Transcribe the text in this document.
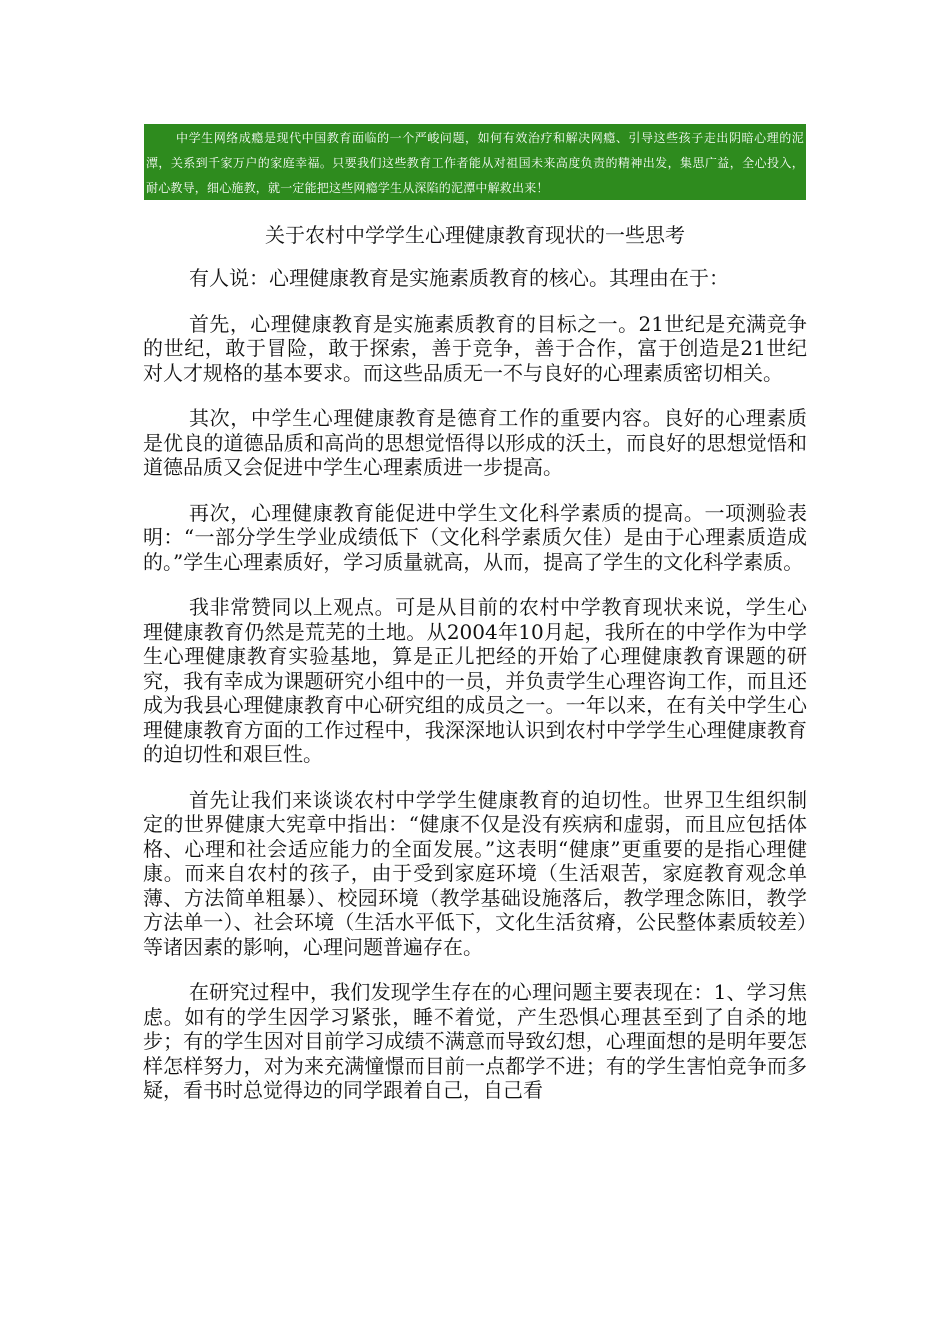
中学生网络成瘾是现代中国教育面临的一个严峻问题，如何有效治疗和解决网瘾、引导这些孩子走出阴暗心理的泥潭，关系到千家万户的家庭幸福。只要我们这些教育工作者能从对祖国未来高度负责的精神出发，集思广益，全心投入，耐心教导，细心施教，就一定能把这些网瘾学生从深陷的泥潭中解救出来！

关于农村中学学生心理健康教育现状的一些思考

有人说：心理健康教育是实施素质教育的核心。其理由在于：

首先，心理健康教育是实施素质教育的目标之一。21世纪是充满竞争的世纪，敢于冒险，敢于探索，善于竞争，善于合作，富于创造是21世纪对人才规格的基本要求。而这些品质无一不与良好的心理素质密切相关。

其次，中学生心理健康教育是德育工作的重要内容。良好的心理素质是优良的道德品质和高尚的思想觉悟得以形成的沃土，而良好的思想觉悟和道德品质又会促进中学生心理素质进一步提高。

再次，心理健康教育能促进中学生文化科学素质的提高。一项测验表明：“一部分学生学业成绩低下（文化科学素质欠佳）是由于心理素质造成的。”学生心理素质好，学习质量就高，从而，提高了学生的文化科学素质。

我非常赞同以上观点。可是从目前的农村中学教育现状来说，学生心理健康教育仍然是荒芜的土地。从2004年10月起，我所在的中学作为中学生心理健康教育实验基地，算是正儿把经的开始了心理健康教育课题的研究，我有幸成为课题研究小组中的一员，并负责学生心理咨询工作，而且还成为我县心理健康教育中心研究组的成员之一。一年以来，在有关中学生心理健康教育方面的工作过程中，我深深地认识到农村中学学生心理健康教育的迫切性和艰巨性。

首先让我们来谈谈农村中学学生健康教育的迫切性。世界卫生组织制定的世界健康大宪章中指出：“健康不仅是没有疾病和虚弱，而且应包括体格、心理和社会适应能力的全面发展。”这表明“健康”更重要的是指心理健康。而来自农村的孩子，由于受到家庭环境（生活艰苦，家庭教育观念单薄、方法简单粗暴）、校园环境（教学基础设施落后，教学理念陈旧，教学方法单一）、社会环境（生活水平低下，文化生活贫瘠，公民整体素质较差）等诸因素的影响，心理问题普遍存在。

在研究过程中，我们发现学生存在的心理问题主要表现在：1、学习焦虑。如有的学生因学习紧张，睡不着觉，产生恐惧心理甚至到了自杀的地步；有的学生因对目前学习成绩不满意而导致幻想，心理面想的是明年要怎样怎样努力，对为来充满憧憬而目前一点都学不进；有的学生害怕竞争而多疑，看书时总觉得边的同学跟着自己，自己看
